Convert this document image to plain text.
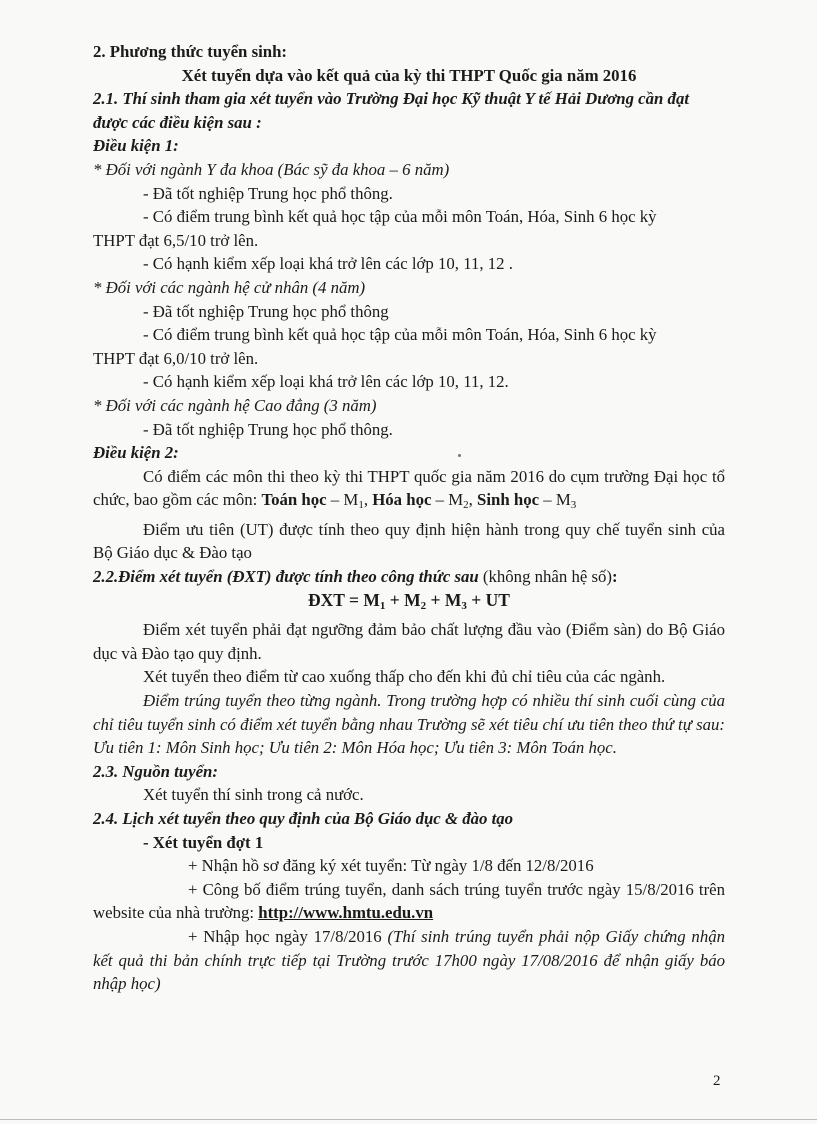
2. Phương thức tuyển sinh:

Xét tuyển dựa vào kết quả của kỳ thi THPT Quốc gia năm 2016

2.1. Thí sinh tham gia xét tuyển vào Trường Đại học Kỹ thuật Y tế Hải Dương cần đạt được các điều kiện sau :

Điều kiện 1:

* Đối với ngành Y đa khoa (Bác sỹ đa khoa – 6 năm)

- Đã tốt nghiệp Trung học phổ thông.

- Có điểm trung bình kết quả học tập của mỗi môn Toán, Hóa, Sinh 6 học kỳ

THPT đạt 6,5/10 trở lên.

- Có hạnh kiểm xếp loại khá trở lên các lớp 10, 11, 12 .

* Đối với các ngành hệ cử nhân (4 năm)

- Đã tốt nghiệp Trung học phổ thông

- Có điểm trung bình kết quả học tập của mỗi môn Toán, Hóa, Sinh 6 học kỳ

THPT đạt 6,0/10 trở lên.

- Có hạnh kiểm xếp loại khá trở lên các lớp 10, 11, 12.

* Đối với các ngành hệ Cao đẳng (3 năm)

- Đã tốt nghiệp Trung học phổ thông.

Điều kiện 2:

Có điểm các môn thi theo kỳ thi THPT quốc gia năm 2016 do cụm trường Đại học tổ chức, bao gồm các môn: Toán học – $M_1$, Hóa học – $M_2$, Sinh học – $M_3$

Điểm ưu tiên (UT) được tính theo quy định hiện hành trong quy chế tuyển sinh của Bộ Giáo dục & Đào tạo

2.2.Điểm xét tuyển (ĐXT) được tính theo công thức sau (không nhân hệ số):

ĐXT = $M_1 + M_2 + M_3$ + UT

Điểm xét tuyển phải đạt ngưỡng đảm bảo chất lượng đầu vào (Điểm sàn) do Bộ Giáo dục và Đào tạo quy định.

Xét tuyển theo điểm từ cao xuống thấp cho đến khi đủ chỉ tiêu của các ngành.

Điểm trúng tuyển theo từng ngành. Trong trường hợp có nhiều thí sinh cuối cùng của chỉ tiêu tuyển sinh có điểm xét tuyển bằng nhau Trường sẽ xét tiêu chí ưu tiên theo thứ tự sau: Ưu tiên 1: Môn Sinh học; Ưu tiên 2: Môn Hóa học; Ưu tiên 3: Môn Toán học.

2.3. Nguồn tuyển:

Xét tuyển thí sinh trong cả nước.

2.4. Lịch xét tuyển theo quy định của Bộ Giáo dục & đào tạo

- Xét tuyển đợt 1

+ Nhận hồ sơ đăng ký xét tuyển: Từ ngày 1/8 đến 12/8/2016

+ Công bố điểm trúng tuyển, danh sách trúng tuyển trước ngày 15/8/2016 trên website của nhà trường: http://www.hmtu.edu.vn

+ Nhập học ngày 17/8/2016 (Thí sinh trúng tuyển phải nộp Giấy chứng nhận kết quả thi bản chính trực tiếp tại Trường trước 17h00 ngày 17/08/2016 để nhận giấy báo nhập học)

2
